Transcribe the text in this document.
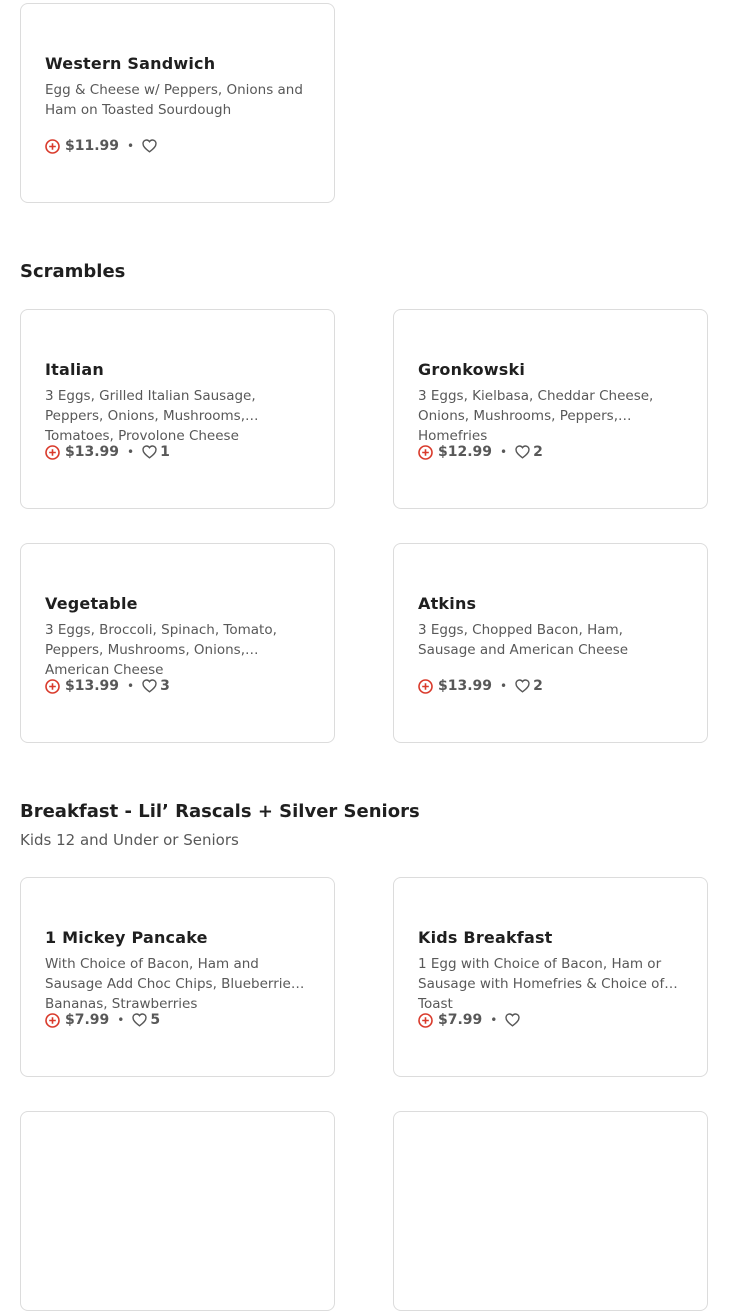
Western Sandwich
Egg & Cheese w/ Peppers, Onions and Ham on Toasted Sourdough
$11.99 •
Scrambles
Italian
3 Eggs, Grilled Italian Sausage, Peppers, Onions, Mushrooms, Tomatoes, Provolone Cheese
$13.99 • 1
Gronkowski
3 Eggs, Kielbasa, Cheddar Cheese, Onions, Mushrooms, Peppers, Homefries
$12.99 • 2
Vegetable
3 Eggs, Broccoli, Spinach, Tomato, Peppers, Mushrooms, Onions, American Cheese
$13.99 • 3
Atkins
3 Eggs, Chopped Bacon, Ham, Sausage and American Cheese
$13.99 • 2
Breakfast - Lil’ Rascals + Silver Seniors
Kids 12 and Under or Seniors
1 Mickey Pancake
With Choice of Bacon, Ham and Sausage Add Choc Chips, Blueberries, Bananas, Strawberries
$7.99 • 5
Kids Breakfast
1 Egg with Choice of Bacon, Ham or Sausage with Homefries & Choice of Toast
$7.99 •
